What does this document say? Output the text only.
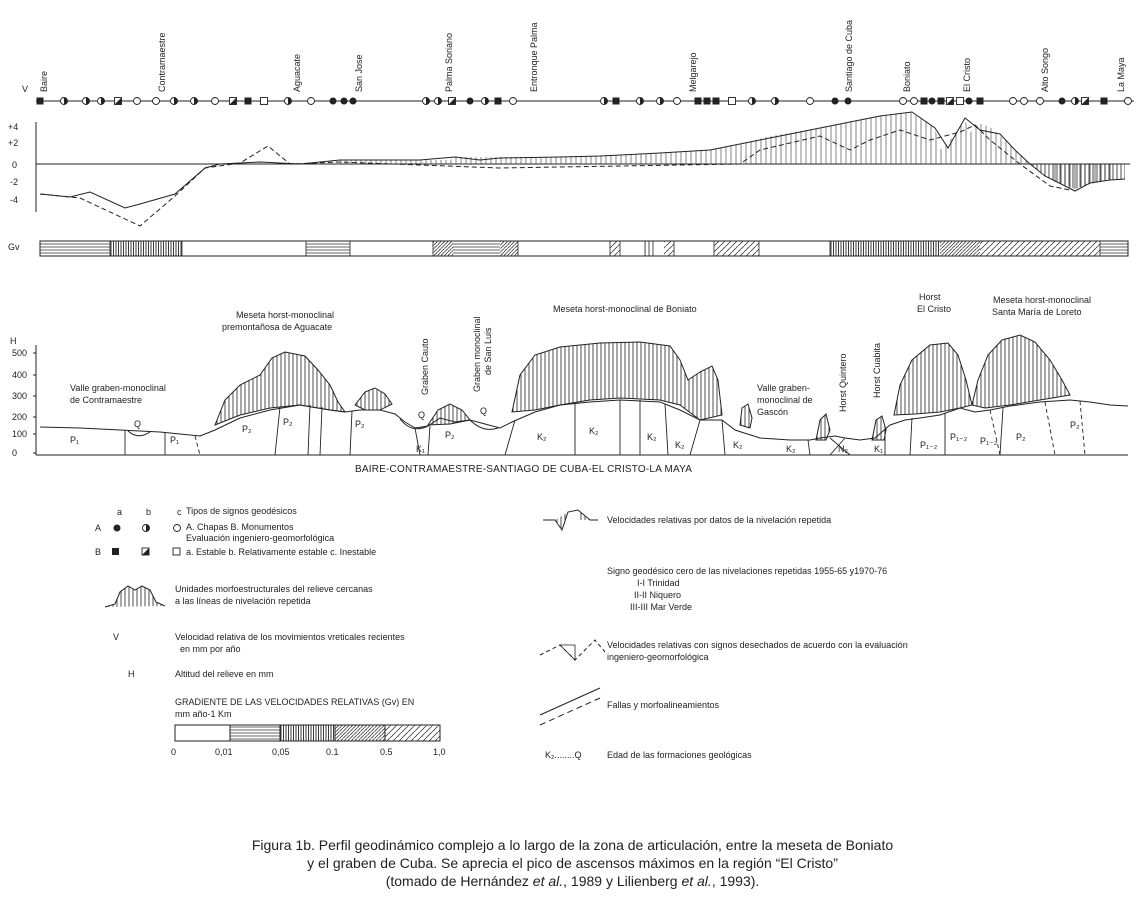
V Baire	Contramaestre	Aguacate	San Jose	Palma Soriano	Entronque Palma	Melgarejo	Santiago de Cuba	Boniato	El Cristo	Alto Songo	La Maya
+4
+2
0
-2
-4
Gv
H
500
400
300
200
100
0
Meseta horst-monoclinal
premontañosa de Aguacate
Meseta horst-monoclinal de Boniato
Horst
El Cristo
Meseta horst-monoclinal
Santa María de Loreto
Valle graben-monoclinal
de Contramaestre
Valle graben-
monoclinal de
Gascón
Graben Cauto	Graben monoclinal de San Luis
Horst Quintero	Horst Cuabita
P₁
Q
P₁
P₂
P₂	P₂
Q
K₁
P₂
Q
K₂
K₂
K₂
K₂	K₂	K₂	N₂	K₁	P₁₋₂
P₁₋₂ P₁₋₂ P₂
P₂
BAIRE-CONTRAMAESTRE-SANTIAGO DE CUBA-EL CRISTO-LA MAYA
a	b	c
A
B
Tipos de signos geodésicos
A. Chapas B. Monumentos
Evaluación ingeniero-geomorfológica
a. Estable b. Relativamente estable c. Inestable
Unidades morfoestructurales del relieve cercanas
a las líneas de nivelación repetida
V	Velocidad relativa de los movimientos vreticales recientes
en mm por año
H	Altitud del relieve en mm
GRADIENTE DE LAS VELOCIDADES RELATIVAS (Gv) EN
mm año-1 Km
0	0,01	0,05	0.1	0.5	1,0
Velocidades relativas por datos de la nivelación repetida
Signo geodésico cero de las nivelaciones repetidas 1955-65 y1970-76
I-I Trinidad
II-II Niquero
III-III Mar Verde
Velocidades relativas con signos desechados de acuerdo con la evaluación
ingeniero-geomorfológica
Fallas y morfoalineamientos
K₂........Q	Edad de las formaciones geológicas
Figura 1b. Perfil geodinámico complejo a lo largo de la zona de articulación, entre la meseta de Boniato
y el graben de Cuba. Se aprecia el pico de ascensos máximos en la región “El Cristo”
(tomado de Hernández et al., 1989 y Lilienberg et al., 1993).
